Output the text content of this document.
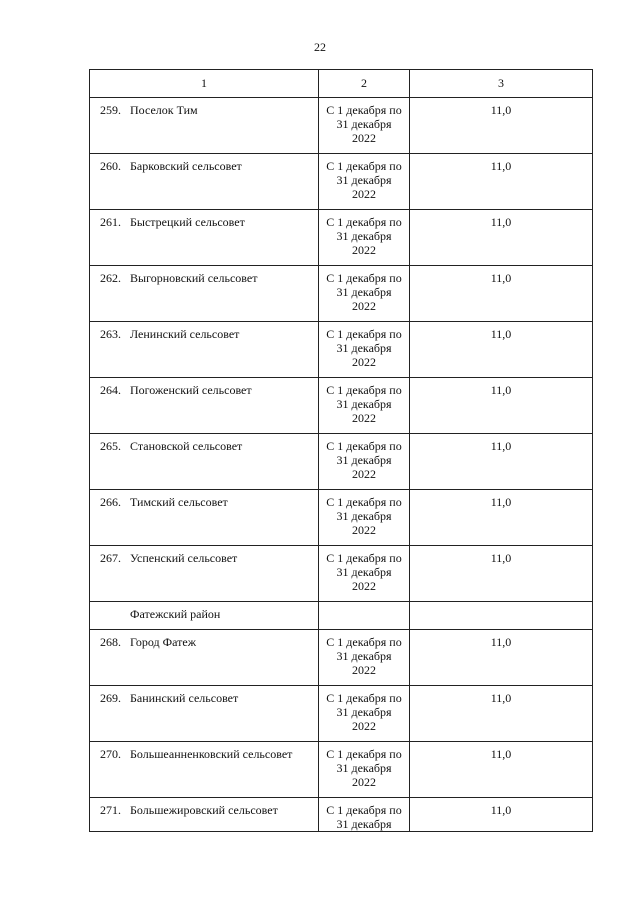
22
1	2	3

259. Поселок Тим	С 1 декабря по
31 декабря
2022	11,0

260. Барковский сельсовет	С 1 декабря по
31 декабря
2022	11,0

261. Быстрецкий сельсовет	С 1 декабря по
31 декабря
2022	11,0

262. Выгорновский сельсовет	С 1 декабря по
31 декабря
2022	11,0

263. Ленинский сельсовет	С 1 декабря по
31 декабря
2022	11,0

264. Погоженский сельсовет	С 1 декабря по
31 декабря
2022	11,0

265. Становской сельсовет	С 1 декабря по
31 декабря
2022	11,0

266. Тимский сельсовет	С 1 декабря по
31 декабря
2022	11,0

267. Успенский сельсовет	С 1 декабря по
31 декабря
2022	11,0

Фатежский район		

268. Город Фатеж	С 1 декабря по
31 декабря
2022	11,0

269. Банинский сельсовет	С 1 декабря по
31 декабря
2022	11,0

270. Большеанненковский сельсовет	С 1 декабря по
31 декабря
2022	11,0

271. Большежировский сельсовет	С 1 декабря по
31 декабря	11,0
